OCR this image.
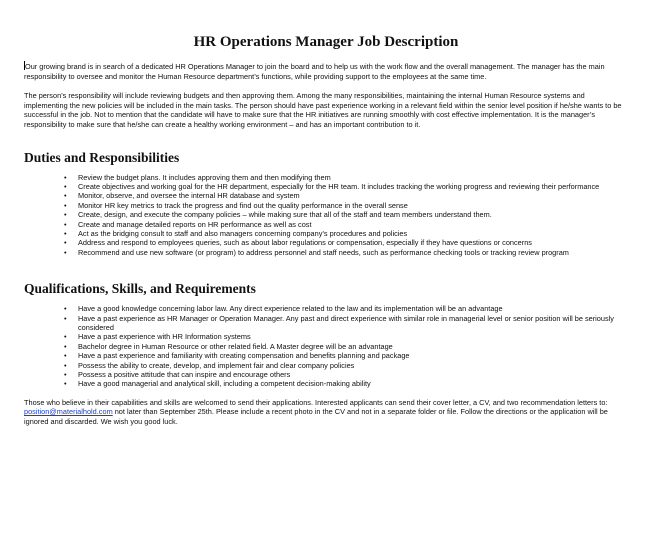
HR Operations Manager Job Description

Our growing brand is in search of a dedicated HR Operations Manager to join the board and to help us with the work flow and the overall management. The manager has the main responsibility to oversee and monitor the Human Resource department’s functions, while providing support to the employees at the same time.

The person’s responsibility will include reviewing budgets and then approving them. Among the many responsibilities, maintaining the internal Human Resource systems and implementing the new policies will be included in the main tasks. The person should have past experience working in a relevant field within the senior level position if he/she wants to be successful in the job. Not to mention that the candidate will have to make sure that the HR initiatives are running smoothly with cost effective implementation. It is the manager’s responsibility to make sure that he/she can create a healthy working environment – and has an important contribution to it.

Duties and Responsibilities
• Review the budget plans. It includes approving them and then modifying them
• Create objectives and working goal for the HR department, especially for the HR team. It includes tracking the working progress and reviewing their performance
• Monitor, observe, and oversee the internal HR database and system
• Monitor HR key metrics to track the progress and find out the quality performance in the overall sense
• Create, design, and execute the company policies – while making sure that all of the staff and team members understand them.
• Create and manage detailed reports on HR performance as well as cost
• Act as the bridging consult to staff and also managers concerning company’s procedures and policies
• Address and respond to employees queries, such as about labor regulations or compensation, especially if they have questions or concerns
• Recommend and use new software (or program) to address personnel and staff needs, such as performance checking tools or tracking review program
Qualifications, Skills, and Requirements
• Have a good knowledge concerning labor law. Any direct experience related to the law and its implementation will be an advantage
• Have a past experience as HR Manager or Operation Manager. Any past and direct experience with similar role in managerial level or senior position will be seriously considered
• Have a past experience with HR Information systems
• Bachelor degree in Human Resource or other related field. A Master degree will be an advantage
• Have a past experience and familiarity with creating compensation and benefits planning and package
• Possess the ability to create, develop, and implement fair and clear company policies
• Possess a positive attitude that can inspire and encourage others
• Have a good managerial and analytical skill, including a competent decision-making ability

Those who believe in their capabilities and skills are welcomed to send their applications. Interested applicants can send their cover letter, a CV, and two recommendation letters to: position@materialhold.com not later than September 25th. Please include a recent photo in the CV and not in a separate folder or file. Follow the directions or the application will be ignored and discarded. We wish you good luck.
